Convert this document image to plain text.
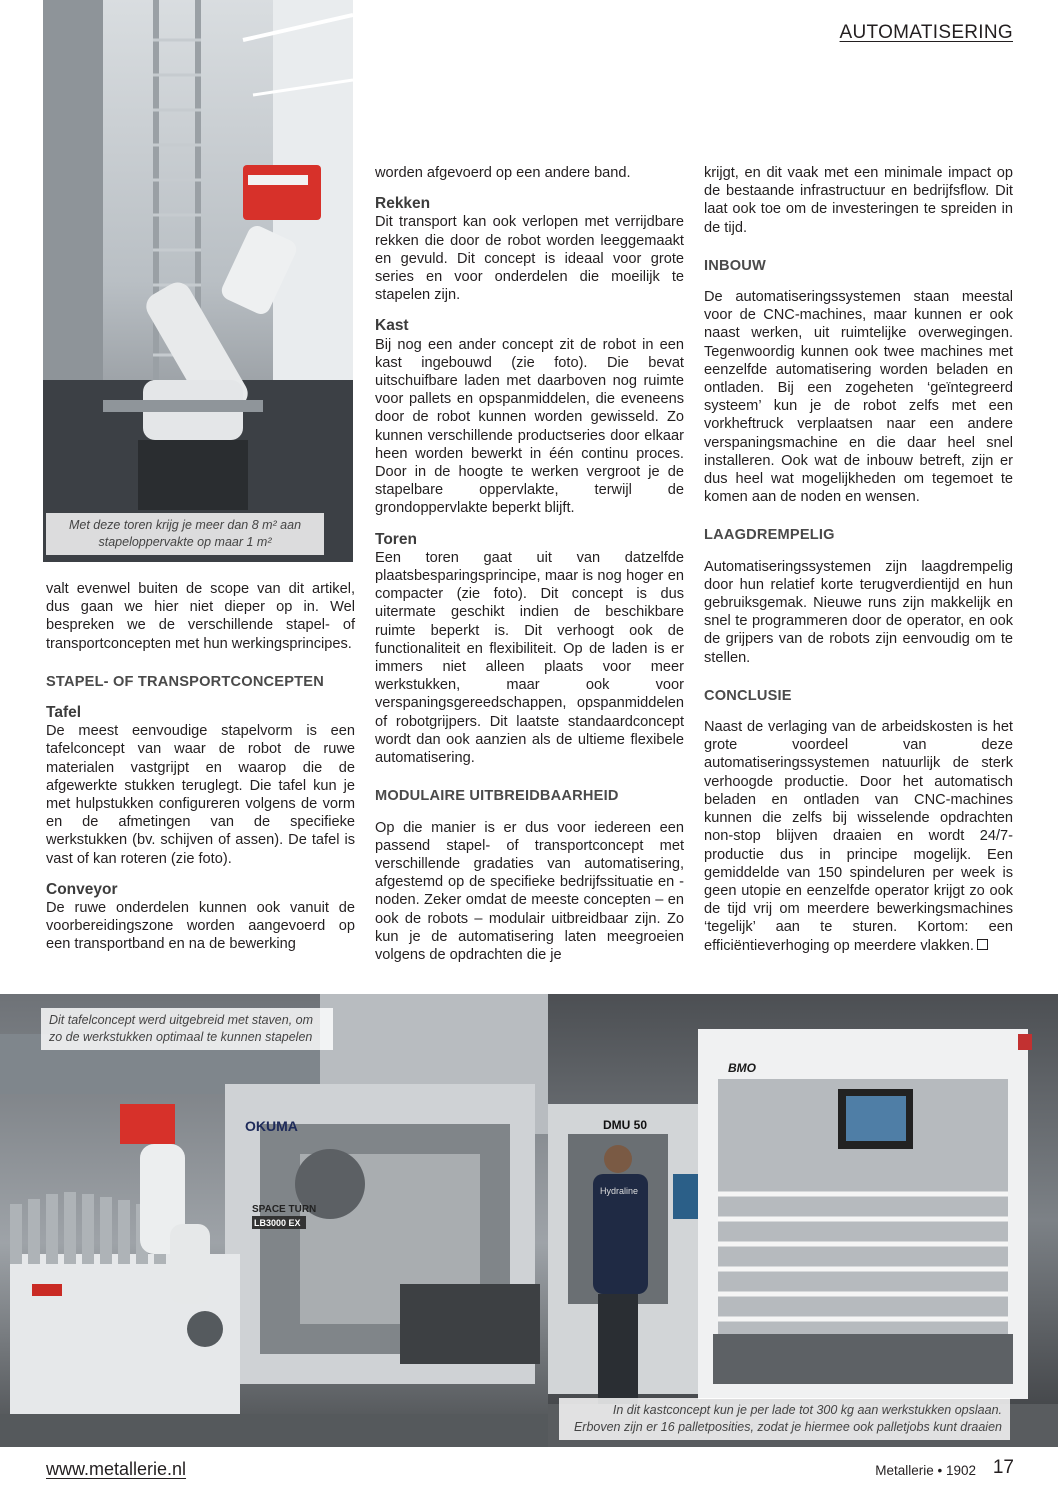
AUTOMATISERING
Met deze toren krijg je meer dan 8 m² aan
stapeloppervakte op maar 1 m²

valt evenwel buiten de scope van dit artikel, dus gaan we hier niet dieper op in. Wel bespreken we de verschillende stapel- of transportconcepten met hun werkingsprincipes.

STAPEL- OF TRANSPORTCONCEPTEN
Tafel

De meest eenvoudige stapelvorm is een tafelconcept van waar de robot de ruwe materialen vastgrijpt en waarop die de afgewerkte stukken teruglegt. Die tafel kun je met hulpstukken configureren volgens de vorm en de afmetingen van de specifieke werkstukken (bv. schijven of assen). De tafel is vast of kan roteren (zie foto).

Conveyor

De ruwe onderdelen kunnen ook vanuit de voorbereidingszone worden aangevoerd op een transportband en na de bewerking

worden afgevoerd op een andere band.

Rekken

Dit transport kan ook verlopen met verrijdbare rekken die door de robot worden leeggemaakt en gevuld. Dit concept is ideaal voor grote series en voor onderdelen die moeilijk te stapelen zijn.

Kast

Bij nog een ander concept zit de robot in een kast ingebouwd (zie foto). Die bevat uitschuifbare laden met daarboven nog ruimte voor pallets en opspanmiddelen, die eveneens door de robot kunnen worden gewisseld. Zo kunnen verschillende productseries door elkaar heen worden bewerkt in één continu proces. Door in de hoogte te werken vergroot je de stapelbare oppervlakte, terwijl de grondoppervlakte beperkt blijft.

Toren

Een toren gaat uit van datzelfde plaatsbesparingsprincipe, maar is nog hoger en compacter (zie foto). Dit concept is dus uitermate geschikt indien de beschikbare ruimte beperkt is. Dit verhoogt ook de functionaliteit en flexibiliteit. Op de laden is er immers niet alleen plaats voor meer werkstukken, maar ook voor verspaningsgereedschappen, opspanmiddelen of robotgrijpers. Dit laatste standaardconcept wordt dan ook aanzien als de ultieme flexibele automatisering.

MODULAIRE UITBREIDBAARHEID

Op die manier is er dus voor iedereen een passend stapel- of transportconcept met verschillende gradaties van automatisering, afgestemd op de specifieke bedrijfssituatie en -noden. Zeker omdat de meeste concepten – en ook de robots – modulair uitbreidbaar zijn. Zo kun je de automatisering laten meegroeien volgens de opdrachten die je

krijgt, en dit vaak met een minimale impact op de bestaande infrastructuur en bedrijfsflow. Dit laat ook toe om de investeringen te spreiden in de tijd.

INBOUW

De automatiseringssystemen staan meestal voor de CNC-machines, maar kunnen er ook naast werken, uit ruimtelijke overwegingen. Tegenwoordig kunnen ook twee machines met eenzelfde automatisering worden beladen en ontladen. Bij een zogeheten ‘geïntegreerd systeem’ kun je de robot zelfs met een vorkheftruck verplaatsen naar een andere verspaningsmachine en die daar heel snel installeren. Ook wat de inbouw betreft, zijn er dus heel wat mogelijkheden om tegemoet te komen aan de noden en wensen.

LAAGDREMPELIG

Automatiseringssystemen zijn laagdrempelig door hun relatief korte terugverdientijd en hun gebruiksgemak. Nieuwe runs zijn makkelijk en snel te programmeren door de operator, en ook de grijpers van de robots zijn eenvoudig om te stellen.

CONCLUSIE

Naast de verlaging van de arbeidskosten is het grote voordeel van deze automatiseringssystemen natuurlijk de sterk verhoogde productie. Door het automatisch beladen en ontladen van CNC-machines kunnen die zelfs bij wisselende opdrachten non-stop blijven draaien en wordt 24/7-productie dus in principe mogelijk. Een gemiddelde van 150 spindeluren per week is geen utopie en eenzelfde operator krijgt zo ook de tijd vrij om meerdere bewerkingsmachines ‘tegelijk’ aan te sturen. Kortom: een efficiëntieverhoging op meerdere vlakken.

OKUMA
SPACE TURN
LB3000 EX
Dit tafelconcept werd uitgebreid met staven, om zo de werkstukken optimaal te kunnen stapelen
DMU 50
Hydraline
BMO
In dit kastconcept kun je per lade tot 300 kg aan werkstukken opslaan.
Erboven zijn er 16 palletposities, zodat je hiermee ook palletjobs kunt draaien
www.metallerie.nl	Metallerie • 1902 17
